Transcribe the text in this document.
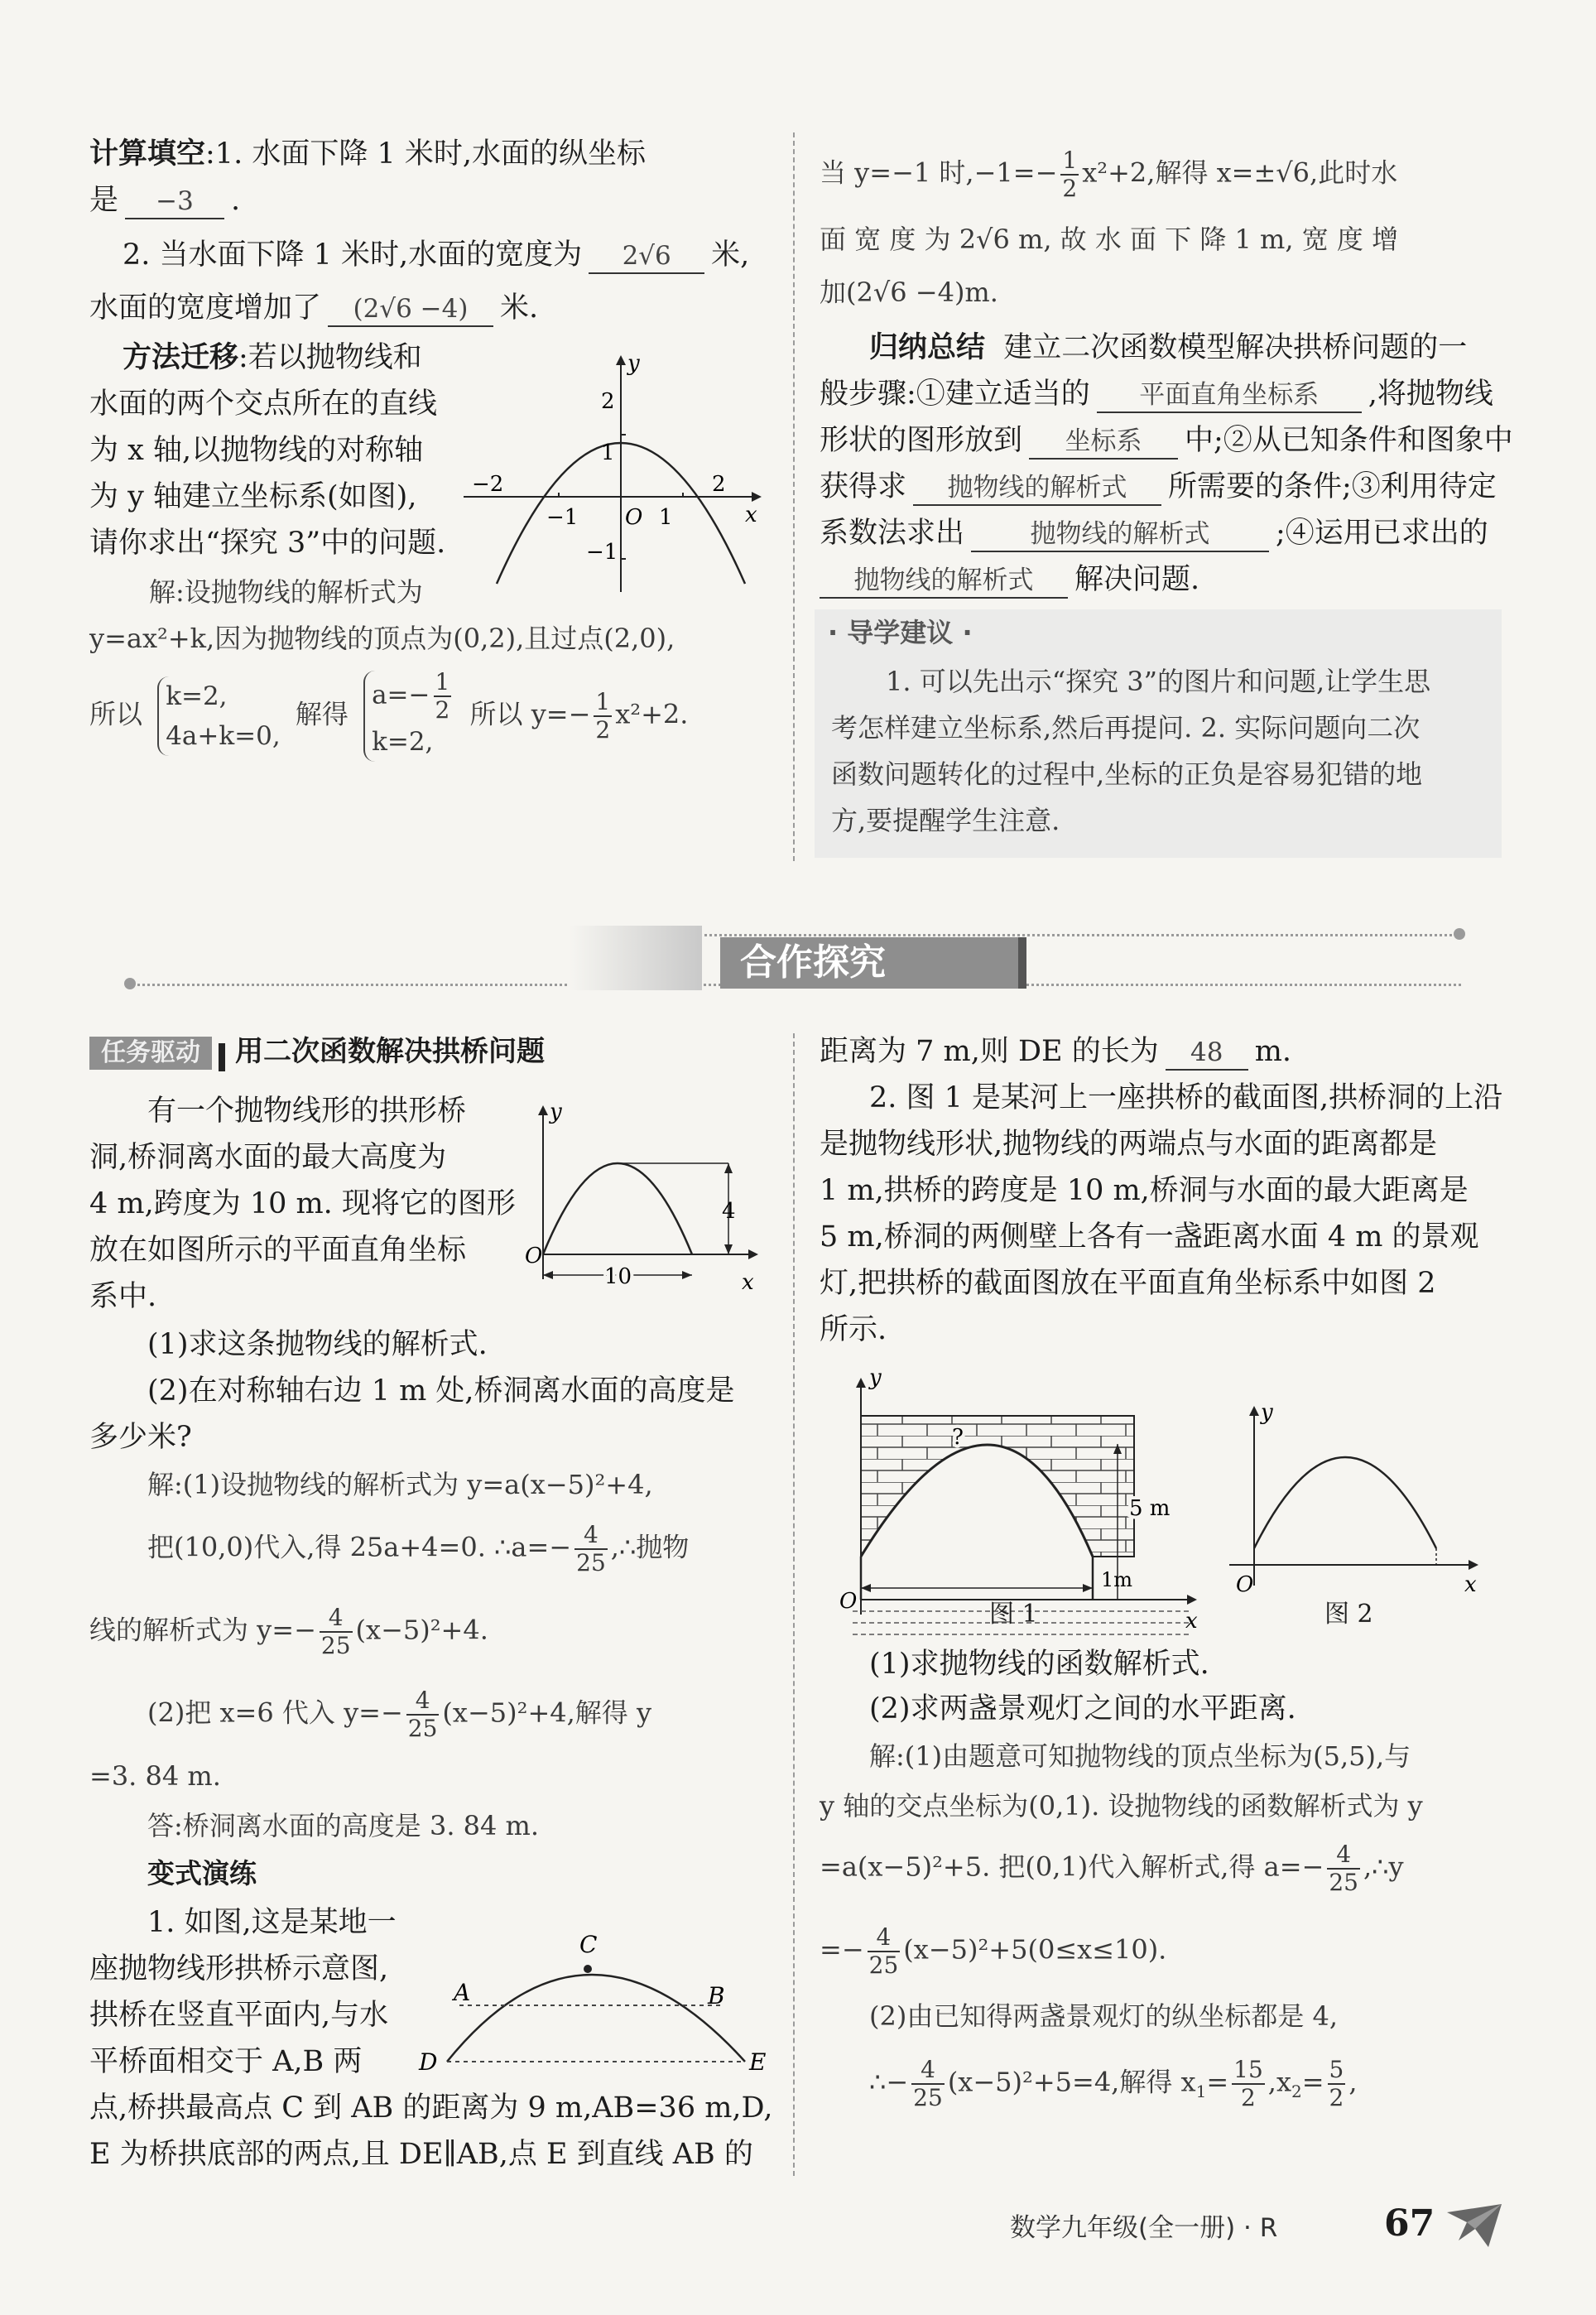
计算填空:1. 水面下降 1 米时,水面的纵坐标
是 −3 .
2. 当水面下降 1 米时,水面的宽度为 2√6 米,
水面的宽度增加了 (2√6 −4) 米.
方法迁移:若以抛物线和
水面的两个交点所在的直线
为 x 轴,以抛物线的对称轴
为 y 轴建立坐标系(如图),
请你求出“探究 3”中的问题.
y
x
O
2
1
−1
−2
−1	1
2
解:设抛物线的解析式为
y=ax²+k,因为抛物线的顶点为(0,2),且过点(2,0),
所以
k=2,
4a+k=0,
解得
$a=- \frac{1}{2}$
k=2,
所以 $y=- \frac{1}{2} x^2+2$.
当 y=−1 时$,-1=- \frac{1}{2} x^2+2$,解得 x=±√6,此时水
面 宽 度 为 2√6 m, 故 水 面 下 降 1 m, 宽 度 增
加(2√6 −4)m.
归纳总结 建立二次函数模型解决拱桥问题的一
般步骤:①建立适当的 平面直角坐标系 ,将抛物线
形状的图形放到 坐标系 中;②从已知条件和图象中
获得求 抛物线的解析式 所需要的条件;③利用待定
系数法求出	抛物线的解析式 ;④运用已求出的
抛物线的解析式 解决问题.
· 导学建议 ·
1. 可以先出示“探究 3”的图片和问题,让学生思
考怎样建立坐标系,然后再提问. 2. 实际问题向二次
函数问题转化的过程中,坐标的正负是容易犯错的地
方,要提醒学生注意.
合作探究
任务驱动 用二次函数解决拱桥问题
有一个抛物线形的拱形桥
洞,桥洞离水面的最大高度为
4 m,跨度为 10 m. 现将它的图形
放在如图所示的平面直角坐标
系中.
y
x
O
4
10
(1)求这条抛物线的解析式.
(2)在对称轴右边 1 m 处,桥洞离水面的高度是
多少米?
解:(1)设抛物线的解析式为 y=a(x−5)²+4,
把(10,0)代入,得 25a+4=0. ∴a=− $\frac{4}{25}$ ,∴抛物
线的解析式为 $y=- \frac{4}{25} (x-5)^2+4$.
(2)把 x=6 代入 $y=- \frac{4}{25} (x-5)^2+4$,解得 y
=3. 84 m.
答:桥洞离水面的高度是 3. 84 m.
变式演练
1. 如图,这是某地一
座抛物线形拱桥示意图,
拱桥在竖直平面内,与水
平桥面相交于 A,B 两
点,桥拱最高点 C 到 AB 的距离为 9 m,AB=36 m,D,
E 为桥拱底部的两点,且 DE∥AB,点 E 到直线 AB 的
C
A	B
D	E
距离为 7 m,则 DE 的长为 48 m.
2. 图 1 是某河上一座拱桥的截面图,拱桥洞的上沿
是抛物线形状,抛物线的两端点与水面的距离都是
1 m,拱桥的跨度是 10 m,桥洞与水面的最大距离是
5 m,桥洞的两侧壁上各有一盏距离水面 4 m 的景观
灯,把拱桥的截面图放在平面直角坐标系中如图 2
所示.
?
5 m
1m
y
x
O	图 1
y
x
O
图 2
(1)求抛物线的函数解析式.
(2)求两盏景观灯之间的水平距离.
解:(1)由题意可知抛物线的顶点坐标为(5,5),与
y 轴的交点坐标为(0,1). 设抛物线的函数解析式为 y
=a(x−5)²+5. 把(0,1)代入解析式,得 $a=- \frac{4}{25}$ ,∴y
=− $\frac{4}{25} (x-5)^2+5(0\le x\le 10)$.
(2)由已知得两盏景观灯的纵坐标都是 4,
∴− $\frac{4}{25} (x-5)^2+5=4$,解得 $x_1= \frac{15}{2} ,x_2= \frac{5}{2}$ ,
数学九年级(全一册) · R	67
